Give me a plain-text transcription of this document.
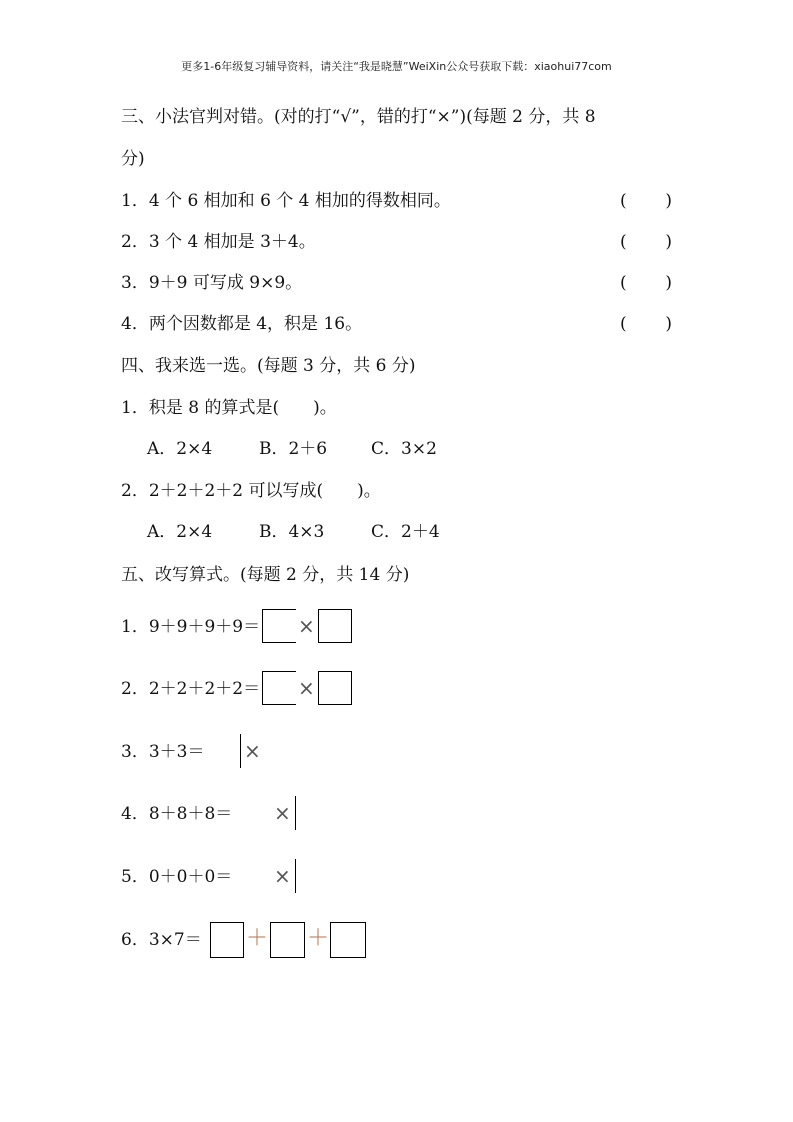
更多1-6年级复习辅导资料，请关注“我是晓慧”WeiXin公众号获取下载：xiaohui77com
三、小法官判对错。(对的打“√”，错的打“×”)(每题 2 分，共 8
分)
1．4 个 6 相加和 6 个 4 相加的得数相同。	( )
2．3 个 4 相加是 3＋4。	( )
3．9＋9 可写成 9×9。	( )
4．两个因数都是 4，积是 16。	( )
四、我来选一选。(每题 3 分，共 6 分)
1．积是 8 的算式是(　　)。
A．2×4	B．2＋6	C．3×2
2．2＋2＋2＋2 可以写成(　　)。
A．2×4	B．4×3	C．2＋4
五、改写算式。(每题 2 分，共 14 分)
1．9＋9＋9＋9＝ ×
2．2＋2＋2＋2＝ ×
3．3＋3＝ ×
4．8＋8＋8＝ ×
5．0＋0＋0＝ ×
6．3×7＝ ＋ ＋
